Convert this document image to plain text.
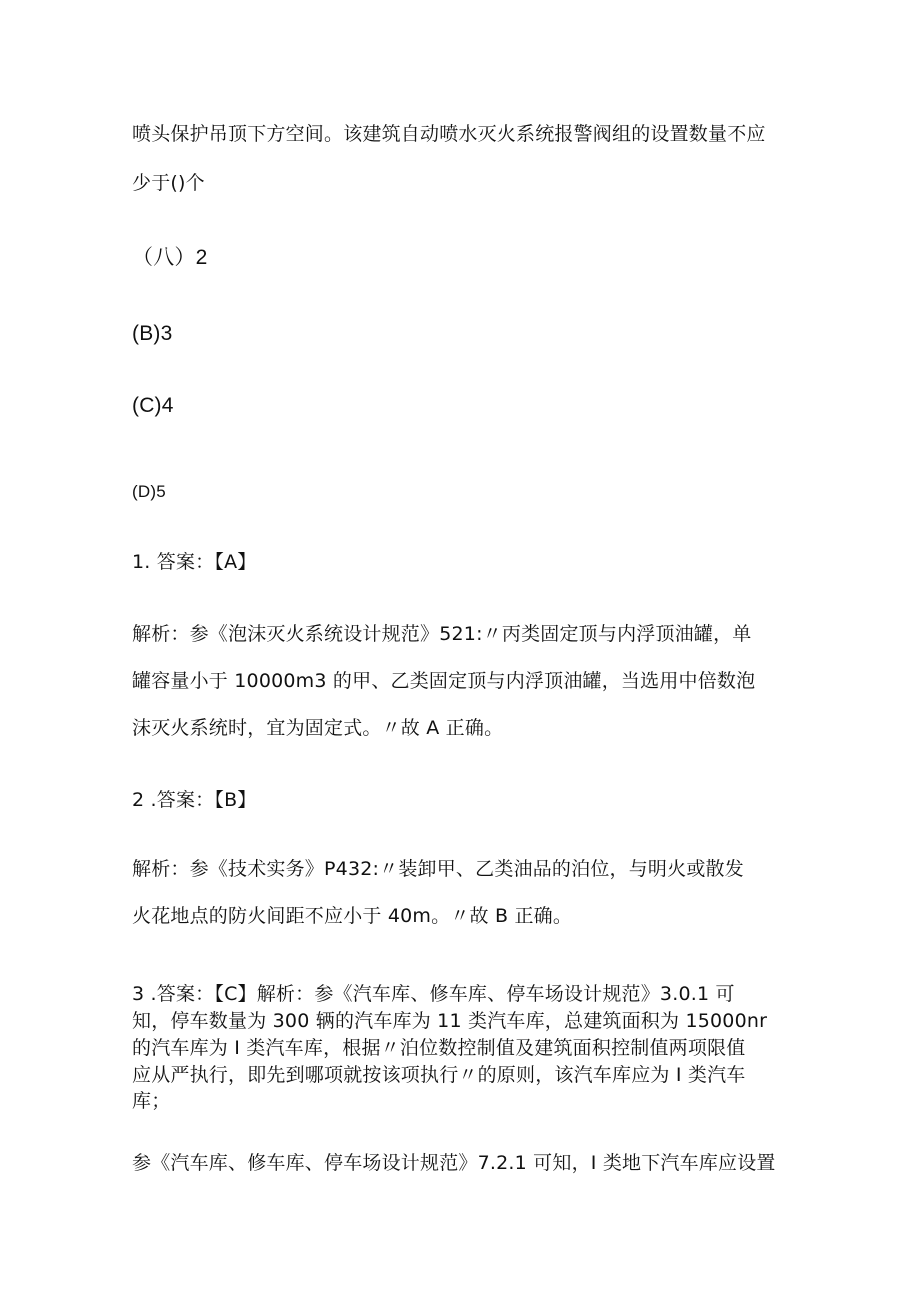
喷头保护吊顶下方空间。该建筑自动喷水灭火系统报警阀组的设置数量不应
少于()个
（八）2
(B)3
(C)4
(D)5
1. 答案：【A】
解析：参《泡沫灭火系统设计规范》521:〃丙类固定顶与内浮顶油罐，单
罐容量小于 10000m3 的甲、乙类固定顶与内浮顶油罐，当选用中倍数泡
沫灭火系统时，宜为固定式。〃故 A 正确。
2 .答案：【B】
解析：参《技术实务》P432:〃装卸甲、乙类油品的泊位，与明火或散发
火花地点的防火间距不应小于 40m。〃故 B 正确。
3 .答案：【C】解析：参《汽车库、修车库、停车场设计规范》3.0.1 可
知，停车数量为 300 辆的汽车库为 11 类汽车库，总建筑面积为 15000nr
的汽车库为 I 类汽车库，根据〃泊位数控制值及建筑面积控制值两项限值
应从严执行，即先到哪项就按该项执行〃的原则，该汽车库应为 I 类汽车
库；
参《汽车库、修车库、停车场设计规范》7.2.1 可知，I 类地下汽车库应设置
